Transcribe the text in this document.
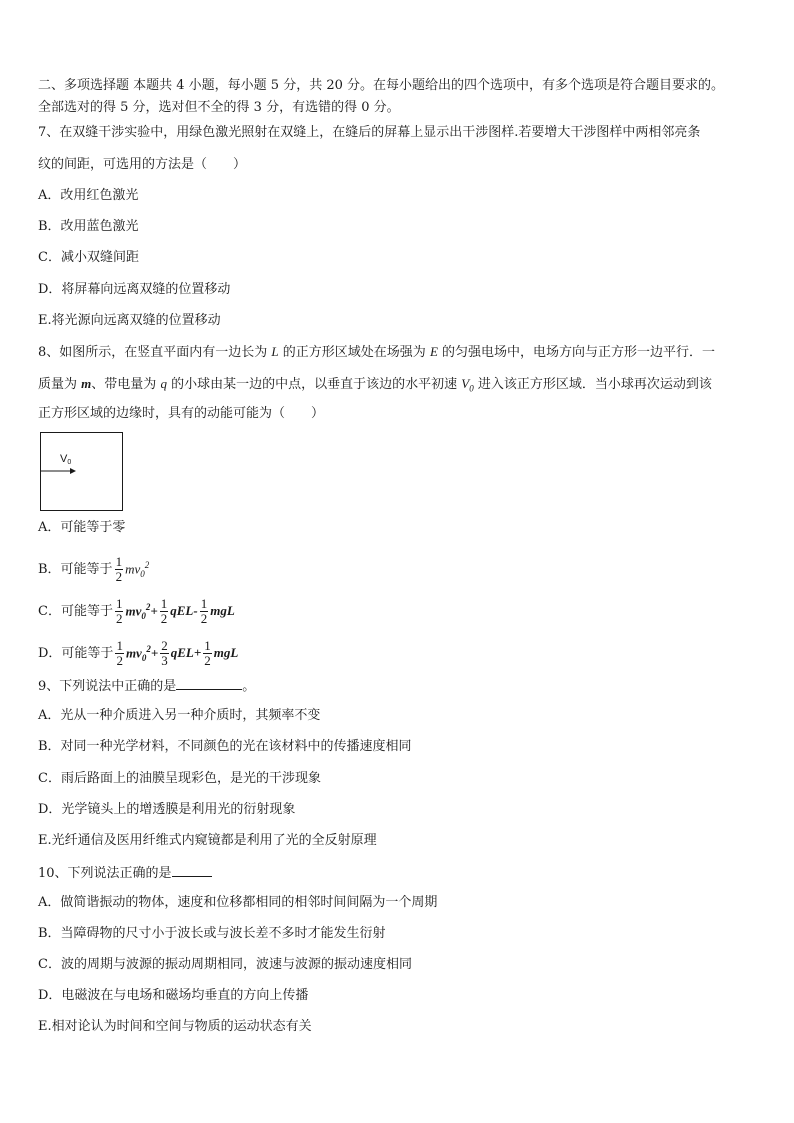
二、多项选择题 本题共 4 小题，每小题 5 分，共 20 分。在每小题给出的四个选项中，有多个选项是符合题目要求的。
全部选对的得 5 分，选对但不全的得 3 分，有选错的得 0 分。
7、在双缝干涉实验中，用绿色激光照射在双缝上，在缝后的屏幕上显示出干涉图样.若要增大干涉图样中两相邻亮条
纹的间距，可选用的方法是（　　）
A．改用红色激光
B．改用蓝色激光
C．减小双缝间距
D．将屏幕向远离双缝的位置移动
E.将光源向远离双缝的位置移动
8、如图所示，在竖直平面内有一边长为 L 的正方形区域处在场强为 E 的匀强电场中，电场方向与正方形一边平行．一
质量为 m、带电量为 q 的小球由某一边的中点，以垂直于该边的水平初速 $V_0$ 进入该正方形区域．当小球再次运动到该
正方形区域的边缘时，具有的动能可能为（　　）
V0
A．可能等于零
B．可能等于 $\frac{1}{2} mv_0^2$
C．可能等于 $\frac{1}{2} mv_0^2+ \frac{1}{2} qEL- \frac{1}{2}$ mgL
D．可能等于 $\frac{1}{2} mv_0^2+ \frac{2}{3} qEL+ \frac{1}{2}$ mgL
9、下列说法中正确的是	。
A．光从一种介质进入另一种介质时，其频率不变
B．对同一种光学材料，不同颜色的光在该材料中的传播速度相同
C．雨后路面上的油膜呈现彩色，是光的干涉现象
D．光学镜头上的增透膜是利用光的衍射现象
E.光纤通信及医用纤维式内窥镜都是利用了光的全反射原理
10、下列说法正确的是
A．做简谐振动的物体，速度和位移都相同的相邻时间间隔为一个周期
B．当障碍物的尺寸小于波长或与波长差不多时才能发生衍射
C．波的周期与波源的振动周期相同，波速与波源的振动速度相同
D．电磁波在与电场和磁场均垂直的方向上传播
E.相对论认为时间和空间与物质的运动状态有关
